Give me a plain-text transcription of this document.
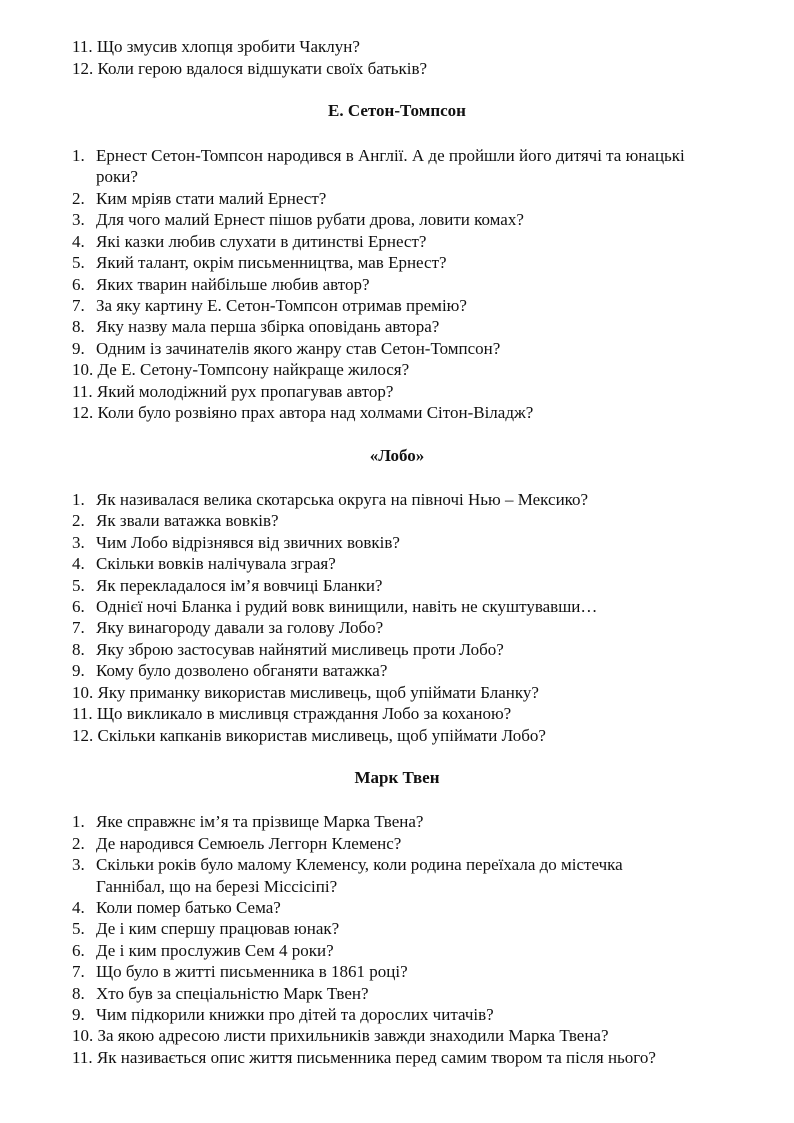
11. Що змусив хлопця зробити Чаклун?
12. Коли герою вдалося відшукати своїх батьків?
Е. Сетон-Томпсон
1. Ернест Сетон-Томпсон народився в Англії. А де пройшли його дитячі та юнацькі
роки?
2. Ким мріяв стати малий Ернест?
3. Для чого малий Ернест пішов рубати дрова, ловити комах?
4. Які казки любив слухати в дитинстві Ернест?
5. Який талант, окрім письменництва, мав Ернест?
6. Яких тварин найбільше любив автор?
7. За яку картину Е. Сетон-Томпсон отримав премію?
8. Яку назву мала перша збірка оповідань автора?
9. Одним із зачинателів якого жанру став Сетон-Томпсон?
10. Де Е. Сетону-Томпсону найкраще жилося?
11. Який молодіжний рух пропагував автор?
12. Коли було розвіяно прах автора над холмами Сітон-Віладж?
«Лобо»
1. Як називалася велика скотарська округа на півночі Нью – Мексико?
2. Як звали ватажка вовків?
3. Чим Лобо відрізнявся від звичних вовків?
4. Скільки вовків налічувала зграя?
5. Як перекладалося ім’я вовчиці Бланки?
6. Однієї ночі Бланка і рудий вовк винищили, навіть не скуштувавши…
7. Яку винагороду давали за голову Лобо?
8. Яку зброю застосував найнятий мисливець проти Лобо?
9. Кому було дозволено обганяти ватажка?
10. Яку приманку використав мисливець, щоб упіймати Бланку?
11. Що викликало в мисливця страждання Лобо за коханою?
12. Скільки капканів використав мисливець, щоб упіймати Лобо?
Марк Твен
1. Яке справжнє ім’я та прізвище Марка Твена?
2. Де народився Семюель Леггорн Клеменс?
3. Скільки років було малому Клеменсу, коли родина переїхала до містечка
Ганнібал, що на березі Міссісіпі?
4. Коли помер батько Сема?
5. Де і ким спершу працював юнак?
6. Де і ким прослужив Сем 4 роки?
7. Що було в житті письменника в 1861 році?
8. Хто був за спеціальністю Марк Твен?
9. Чим підкорили книжки про дітей та дорослих читачів?
10. За якою адресою листи прихильників завжди знаходили Марка Твена?
11. Як називається опис життя письменника перед самим твором та після нього?
